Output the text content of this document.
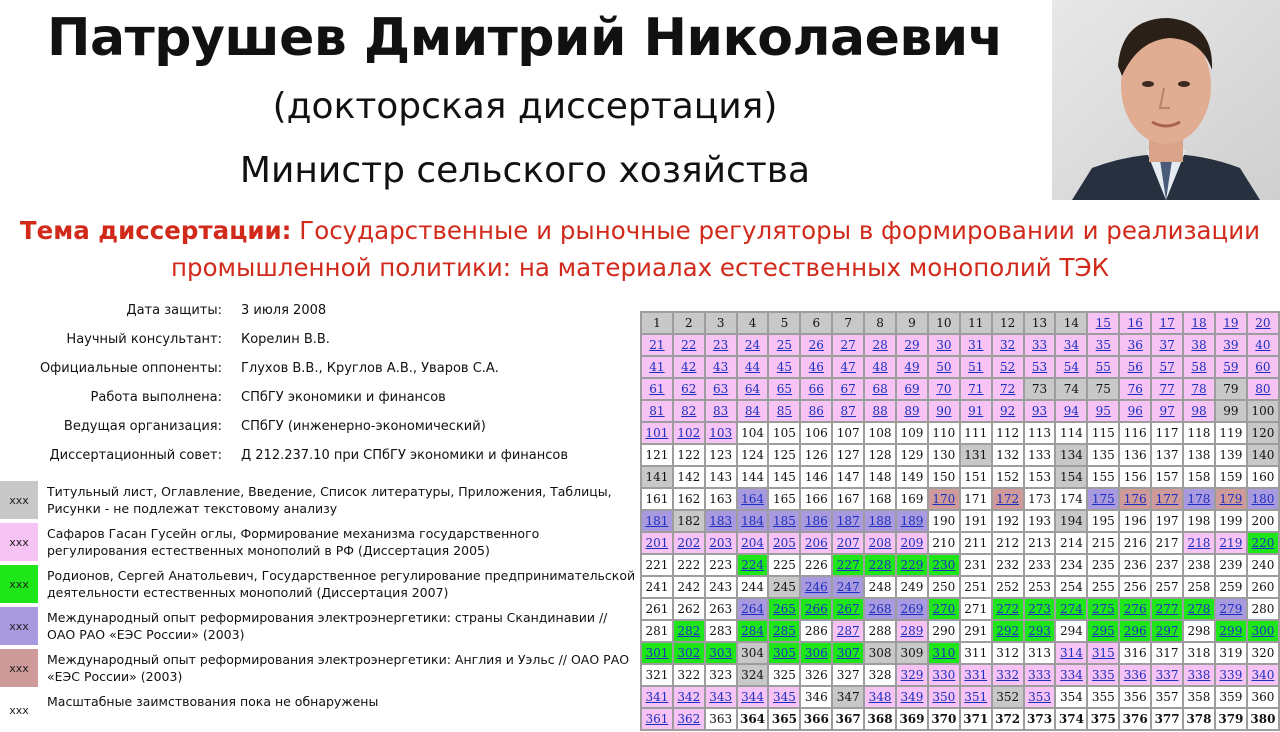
Патрушев Дмитрий Николаевич
(докторская диссертация)
Министр сельского хозяйства
Тема диссертации: Государственные и рыночные регуляторы в формировании и реализации промышленной политики: на материалах естественных монополий ТЭК
Дата защиты: 3 июля 2008
Научный консультант: Корелин В.В.
Официальные оппоненты: Глухов В.В., Круглов А.В., Уваров С.А.
Работа выполнена: СПбГУ экономики и финансов
Ведущая организация: СПбГУ (инженерно-экономический)
Диссертационный совет: Д 212.237.10 при СПбГУ экономики и финансов
xxx
Титульный лист, Оглавление, Введение, Список литературы, Приложения, Таблицы, Рисунки - не подлежат текстовому анализу
xxx
Сафаров Гасан Гусейн оглы, Формирование механизма государственного регулирования естественных монополий в РФ (Диссертация 2005)
xxx
Родионов, Сергей Анатольевич, Государственное регулирование предпринимательской деятельности естественных монополий (Диссертация 2007)
xxx
Международный опыт реформирования электроэнергетики: страны Скандинавии // ОАО РАО «ЕЭС России» (2003)
xxx
Международный опыт реформирования электроэнергетики: Англия и Уэльс // ОАО РАО «ЕЭС России» (2003)
xxx
Масштабные заимствования пока не обнаружены
1	2	3	4	5	6	7	8	9	10	11	12	13	14	15	16	17	18	19	20
21	22	23	24	25	26	27	28	29	30	31	32	33	34	35	36	37	38	39	40
41	42	43	44	45	46	47	48	49	50	51	52	53	54	55	56	57	58	59	60
61	62	63	64	65	66	67	68	69	70	71	72	73	74	75	76	77	78	79	80
81	82	83	84	85	86	87	88	89	90	91	92	93	94	95	96	97	98	99	100
101	102	103	104	105	106	107	108	109	110	111	112	113	114	115	116	117	118	119	120
121	122	123	124	125	126	127	128	129	130	131	132	133	134	135	136	137	138	139	140
141	142	143	144	145	146	147	148	149	150	151	152	153	154	155	156	157	158	159	160
161	162	163	164	165	166	167	168	169	170	171	172	173	174	175	176	177	178	179	180
181	182	183	184	185	186	187	188	189	190	191	192	193	194	195	196	197	198	199	200
201	202	203	204	205	206	207	208	209	210	211	212	213	214	215	216	217	218	219	220
221	222	223	224	225	226	227	228	229	230	231	232	233	234	235	236	237	238	239	240
241	242	243	244	245	246	247	248	249	250	251	252	253	254	255	256	257	258	259	260
261	262	263	264	265	266	267	268	269	270	271	272	273	274	275	276	277	278	279	280
281	282	283	284	285	286	287	288	289	290	291	292	293	294	295	296	297	298	299	300
301	302	303	304	305	306	307	308	309	310	311	312	313	314	315	316	317	318	319	320
321	322	323	324	325	326	327	328	329	330	331	332	333	334	335	336	337	338	339	340
341	342	343	344	345	346	347	348	349	350	351	352	353	354	355	356	357	358	359	360
361	362	363	364	365	366	367	368	369	370	371	372	373	374	375	376	377	378	379	380
